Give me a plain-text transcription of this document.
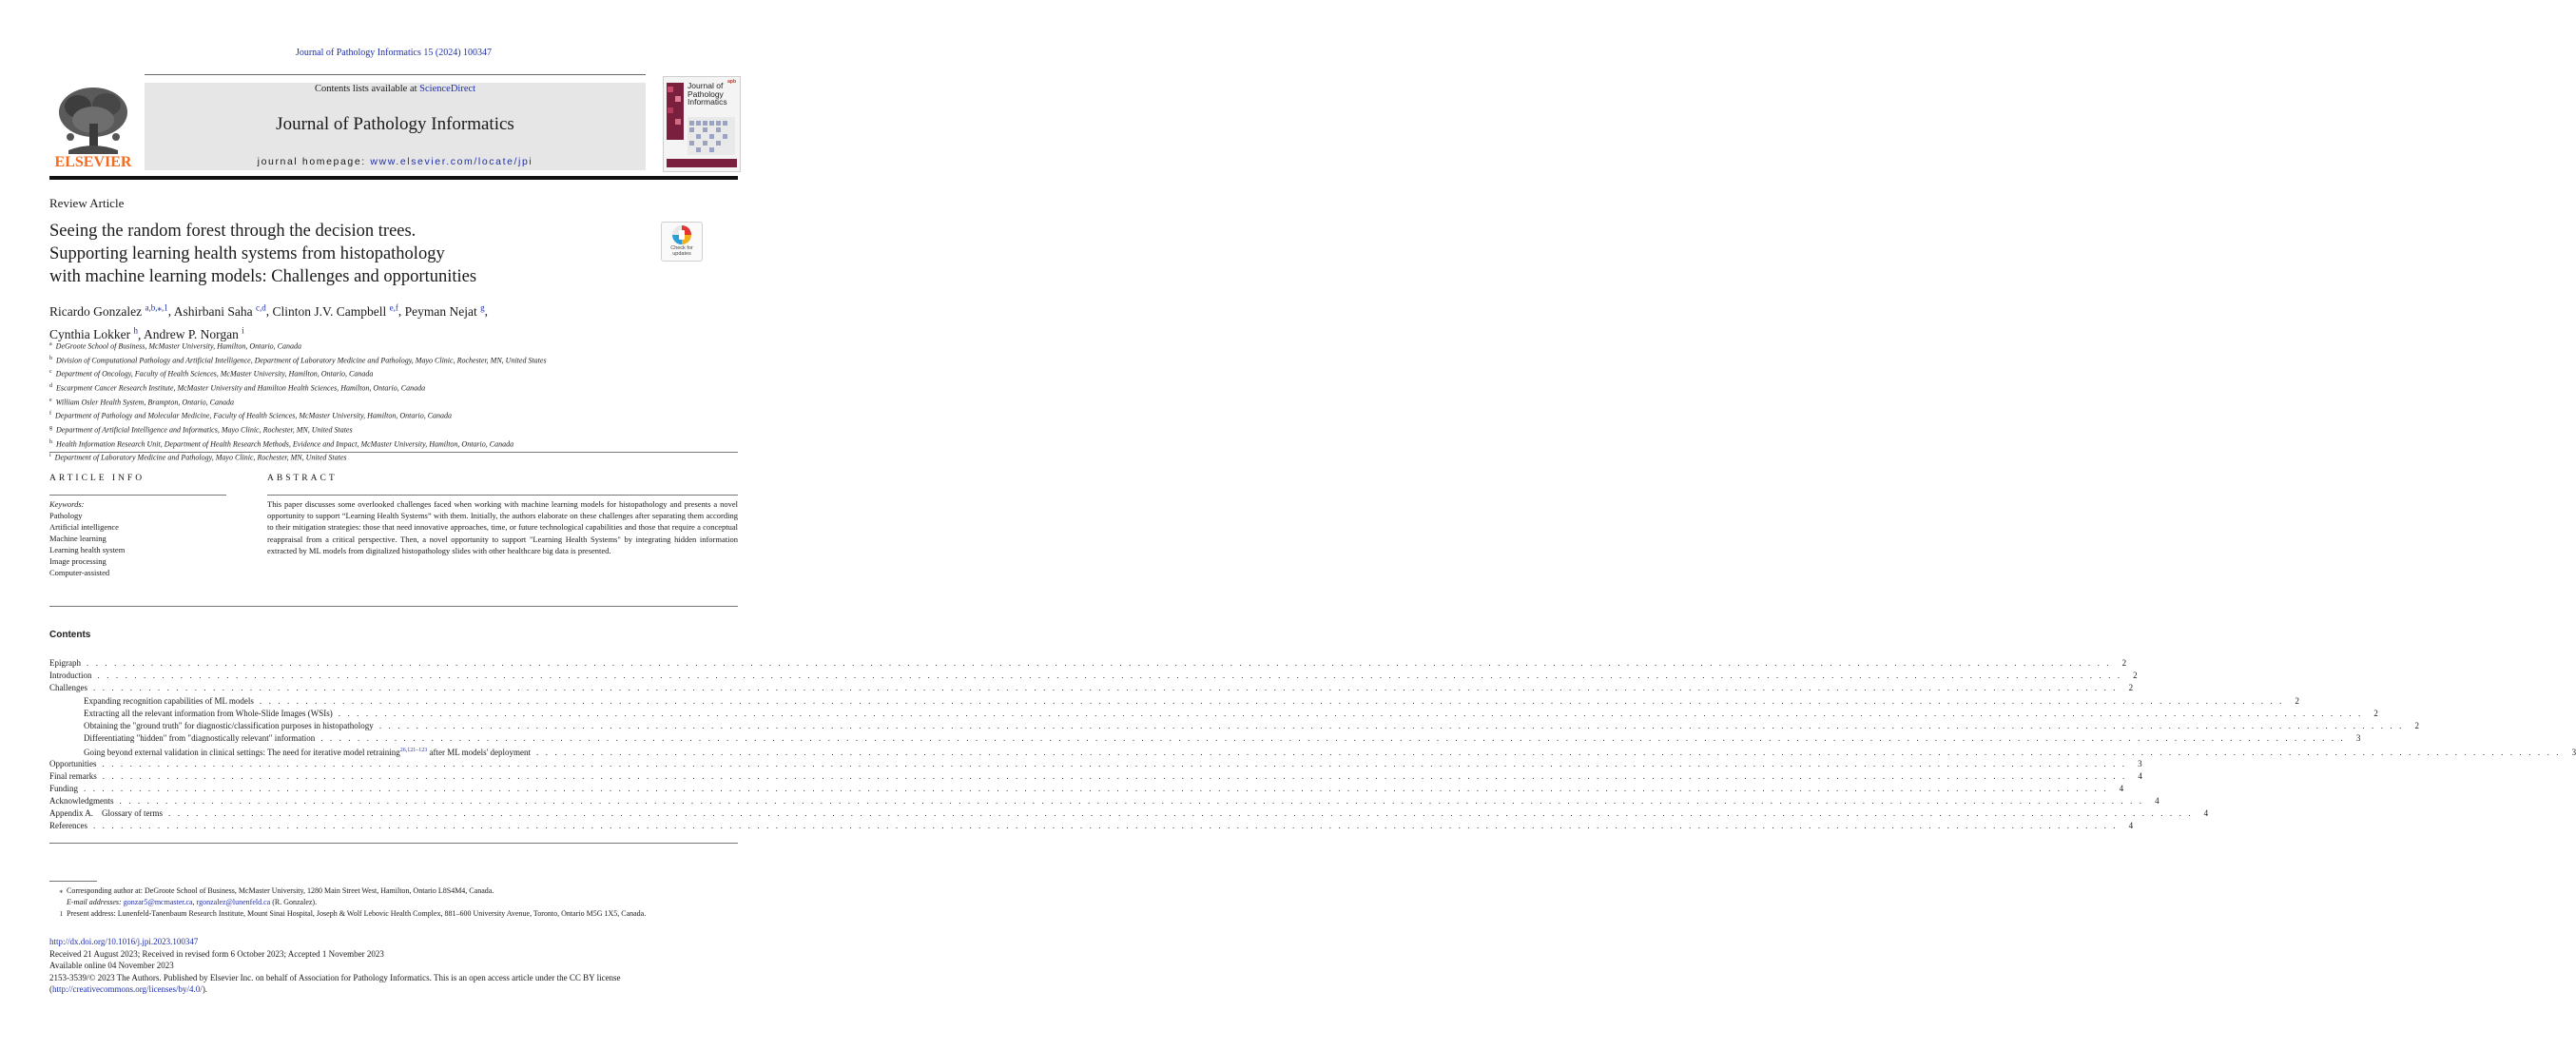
Journal of Pathology Informatics 15 (2024) 100347
Contents lists available at ScienceDirect
Journal of Pathology Informatics
journal homepage: www.elsevier.com/locate/jpi
ELSEVIER
apb
Journal of
Pathology
Informatics
Review Article
Seeing the random forest through the decision trees.
Supporting learning health systems from histopathology
with machine learning models: Challenges and opportunities
Check for
updates
Ricardo Gonzalez $^{a,b,⁎,1}$, Ashirbani Saha $^{c,d}$, Clinton J.V. Campbell $^{e,f}$, Peyman Nejat $^g$,
Cynthia Lokker $^h$, Andrew P. Norgan $^i$
$^a$ DeGroote School of Business, McMaster University, Hamilton, Ontario, Canada
$^b$ Division of Computational Pathology and Artificial Intelligence, Department of Laboratory Medicine and Pathology, Mayo Clinic, Rochester, MN, United States
$^c$ Department of Oncology, Faculty of Health Sciences, McMaster University, Hamilton, Ontario, Canada
$^d$ Escarpment Cancer Research Institute, McMaster University and Hamilton Health Sciences, Hamilton, Ontario, Canada
$^e$ William Osler Health System, Brampton, Ontario, Canada
$^f$ Department of Pathology and Molecular Medicine, Faculty of Health Sciences, McMaster University, Hamilton, Ontario, Canada
$^g$ Department of Artificial Intelligence and Informatics, Mayo Clinic, Rochester, MN, United States
$^h$ Health Information Research Unit, Department of Health Research Methods, Evidence and Impact, McMaster University, Hamilton, Ontario, Canada
$^i$ Department of Laboratory Medicine and Pathology, Mayo Clinic, Rochester, MN, United States
ARTICLE INFO	ABSTRACT
Keywords:
Pathology
Artificial intelligence
Machine learning
Learning health system
Image processing
Computer-assisted
This paper discusses some overlooked challenges faced when working with machine learning models for histopathology and presents a novel opportunity to support “Learning Health Systems” with them. Initially, the authors elaborate on these challenges after separating them according to their mitigation strategies: those that need innovative approaches, time, or future technological capabilities and those that require a conceptual reappraisal from a critical perspective. Then, a novel opportunity to support "Learning Health Systems" by integrating hidden information extracted by ML models from digitalized histopathology slides with other healthcare big data is presented.
Contents
Epigraph . . . . . . . . . . . . . . . . . . . . . . . . . . . . . . . . . . . . . . . . . . . . . . . . . . . . . . . . . . . . . . . . . . . . . . . . . . . . . . . . . . . . . . . . . . . . . . . . . . . . . . . . . . . . . . . . . . . . . . . . . . . . . . . . . . . . . . . . . . . . . . . . . . . . . . . . . . . . . . . . . . . . . . . . . . . . . . . . . . . . . . . . . . . . . . . . . . . . . . . . . . . . . . . . . . . . . . . . . . . .	2
Introduction . . . . . . . . . . . . . . . . . . . . . . . . . . . . . . . . . . . . . . . . . . . . . . . . . . . . . . . . . . . . . . . . . . . . . . . . . . . . . . . . . . . . . . . . . . . . . . . . . . . . . . . . . . . . . . . . . . . . . . . . . . . . . . . . . . . . . . . . . . . . . . . . . . . . . . . . . . . . . . . . . . . . . . . . . . . . . . . . . . . . . . . . . . . . . . . . . . . . . . . . . . . . . . . . . . . . . . . . . . . .	2
Challenges . . . . . . . . . . . . . . . . . . . . . . . . . . . . . . . . . . . . . . . . . . . . . . . . . . . . . . . . . . . . . . . . . . . . . . . . . . . . . . . . . . . . . . . . . . . . . . . . . . . . . . . . . . . . . . . . . . . . . . . . . . . . . . . . . . . . . . . . . . . . . . . . . . . . . . . . . . . . . . . . . . . . . . . . . . . . . . . . . . . . . . . . . . . . . . . . . . . . . . . . . . . . . . . . . . . . . . . . . . . .	2
Expanding recognition capabilities of ML models . . . . . . . . . . . . . . . . . . . . . . . . . . . . . . . . . . . . . . . . . . . . . . . . . . . . . . . . . . . . . . . . . . . . . . . . . . . . . . . . . . . . . . . . . . . . . . . . . . . . . . . . . . . . . . . . . . . . . . . . . . . . . . . . . . . . . . . . . . . . . . . . . . . . . . . . . . . . . . . . . . . . . . . . . . . . . . . . . . . . . . . . . . . . . . . . . . . . . . . . . . . . . . . . . . . . . . . . . . . .	2
Extracting all the relevant information from Whole-Slide Images (WSIs) . . . . . . . . . . . . . . . . . . . . . . . . . . . . . . . . . . . . . . . . . . . . . . . . . . . . . . . . . . . . . . . . . . . . . . . . . . . . . . . . . . . . . . . . . . . . . . . . . . . . . . . . . . . . . . . . . . . . . . . . . . . . . . . . . . . . . . . . . . . . . . . . . . . . . . . . . . . . . . . . . . . . . . . . . . . . . . . . . . . . . . . . . . . . . . . . . . . . . . . . . . . . . . . . . . . . . . . . . . . .	2
Obtaining the "ground truth" for diagnostic/classification purposes in histopathology . . . . . . . . . . . . . . . . . . . . . . . . . . . . . . . . . . . . . . . . . . . . . . . . . . . . . . . . . . . . . . . . . . . . . . . . . . . . . . . . . . . . . . . . . . . . . . . . . . . . . . . . . . . . . . . . . . . . . . . . . . . . . . . . . . . . . . . . . . . . . . . . . . . . . . . . . . . . . . . . . . . . . . . . . . . . . . . . . . . . . . . . . . . . . . . . . . . . . . . . . . . . . . . . . . . . . . . . . . . .	2
Differentiating "hidden" from "diagnostically relevant" information . . . . . . . . . . . . . . . . . . . . . . . . . . . . . . . . . . . . . . . . . . . . . . . . . . . . . . . . . . . . . . . . . . . . . . . . . . . . . . . . . . . . . . . . . . . . . . . . . . . . . . . . . . . . . . . . . . . . . . . . . . . . . . . . . . . . . . . . . . . . . . . . . . . . . . . . . . . . . . . . . . . . . . . . . . . . . . . . . . . . . . . . . . . . . . . . . . . . . . . . . . . . . . . . . . . . . . . . . . . .	3
Going beyond external validation in clinical settings: The need for iterative model retraining$^{26,121-123}$ after ML models' deployment . . . . . . . . . . . . . . . . . . . . . . . . . . . . . . . . . . . . . . . . . . . . . . . . . . . . . . . . . . . . . . . . . . . . . . . . . . . . . . . . . . . . . . . . . . . . . . . . . . . . . . . . . . . . . . . . . . . . . . . . . . . . . . . . . . . . . . . . . . . . . . . . . . . . . . . . . . . . . . . . . . . . . . . . . . . . . . . . . . . . . . . . . . . . . . . . . . . . . . . . . . . . . . . . . . . . . . . . . . . .	3
Opportunities . . . . . . . . . . . . . . . . . . . . . . . . . . . . . . . . . . . . . . . . . . . . . . . . . . . . . . . . . . . . . . . . . . . . . . . . . . . . . . . . . . . . . . . . . . . . . . . . . . . . . . . . . . . . . . . . . . . . . . . . . . . . . . . . . . . . . . . . . . . . . . . . . . . . . . . . . . . . . . . . . . . . . . . . . . . . . . . . . . . . . . . . . . . . . . . . . . . . . . . . . . . . . . . . . . . . . . . . . . . .	3
Final remarks . . . . . . . . . . . . . . . . . . . . . . . . . . . . . . . . . . . . . . . . . . . . . . . . . . . . . . . . . . . . . . . . . . . . . . . . . . . . . . . . . . . . . . . . . . . . . . . . . . . . . . . . . . . . . . . . . . . . . . . . . . . . . . . . . . . . . . . . . . . . . . . . . . . . . . . . . . . . . . . . . . . . . . . . . . . . . . . . . . . . . . . . . . . . . . . . . . . . . . . . . . . . . . . . . . . . . . . . . . . .	4
Funding . . . . . . . . . . . . . . . . . . . . . . . . . . . . . . . . . . . . . . . . . . . . . . . . . . . . . . . . . . . . . . . . . . . . . . . . . . . . . . . . . . . . . . . . . . . . . . . . . . . . . . . . . . . . . . . . . . . . . . . . . . . . . . . . . . . . . . . . . . . . . . . . . . . . . . . . . . . . . . . . . . . . . . . . . . . . . . . . . . . . . . . . . . . . . . . . . . . . . . . . . . . . . . . . . . . . . . . . . . . .	4
Acknowledgments . . . . . . . . . . . . . . . . . . . . . . . . . . . . . . . . . . . . . . . . . . . . . . . . . . . . . . . . . . . . . . . . . . . . . . . . . . . . . . . . . . . . . . . . . . . . . . . . . . . . . . . . . . . . . . . . . . . . . . . . . . . . . . . . . . . . . . . . . . . . . . . . . . . . . . . . . . . . . . . . . . . . . . . . . . . . . . . . . . . . . . . . . . . . . . . . . . . . . . . . . . . . . . . . . . . . . . . . . . . .	4
Appendix A. Glossary of terms . . . . . . . . . . . . . . . . . . . . . . . . . . . . . . . . . . . . . . . . . . . . . . . . . . . . . . . . . . . . . . . . . . . . . . . . . . . . . . . . . . . . . . . . . . . . . . . . . . . . . . . . . . . . . . . . . . . . . . . . . . . . . . . . . . . . . . . . . . . . . . . . . . . . . . . . . . . . . . . . . . . . . . . . . . . . . . . . . . . . . . . . . . . . . . . . . . . . . . . . . . . . . . . . . . . . . . . . . . . .	4
References . . . . . . . . . . . . . . . . . . . . . . . . . . . . . . . . . . . . . . . . . . . . . . . . . . . . . . . . . . . . . . . . . . . . . . . . . . . . . . . . . . . . . . . . . . . . . . . . . . . . . . . . . . . . . . . . . . . . . . . . . . . . . . . . . . . . . . . . . . . . . . . . . . . . . . . . . . . . . . . . . . . . . . . . . . . . . . . . . . . . . . . . . . . . . . . . . . . . . . . . . . . . . . . . . . . . . . . . . . . .	4
⁎ Corresponding author at: DeGroote School of Business, McMaster University, 1280 Main Street West, Hamilton, Ontario L8S4M4, Canada.
E-mail addresses: gonzar5@mcmaster.ca, rgonzalez@lunenfeld.ca (R. Gonzalez).
1 Present address: Lunenfeld-Tanenbaum Research Institute, Mount Sinai Hospital, Joseph & Wolf Lebovic Health Complex, 881–600 University Avenue, Toronto, Ontario M5G 1X5, Canada.
http://dx.doi.org/10.1016/j.jpi.2023.100347
Received 21 August 2023; Received in revised form 6 October 2023; Accepted 1 November 2023
Available online 04 November 2023
2153-3539/© 2023 The Authors. Published by Elsevier Inc. on behalf of Association for Pathology Informatics. This is an open access article under the CC BY license (http://creativecommons.org/licenses/by/4.0/).
